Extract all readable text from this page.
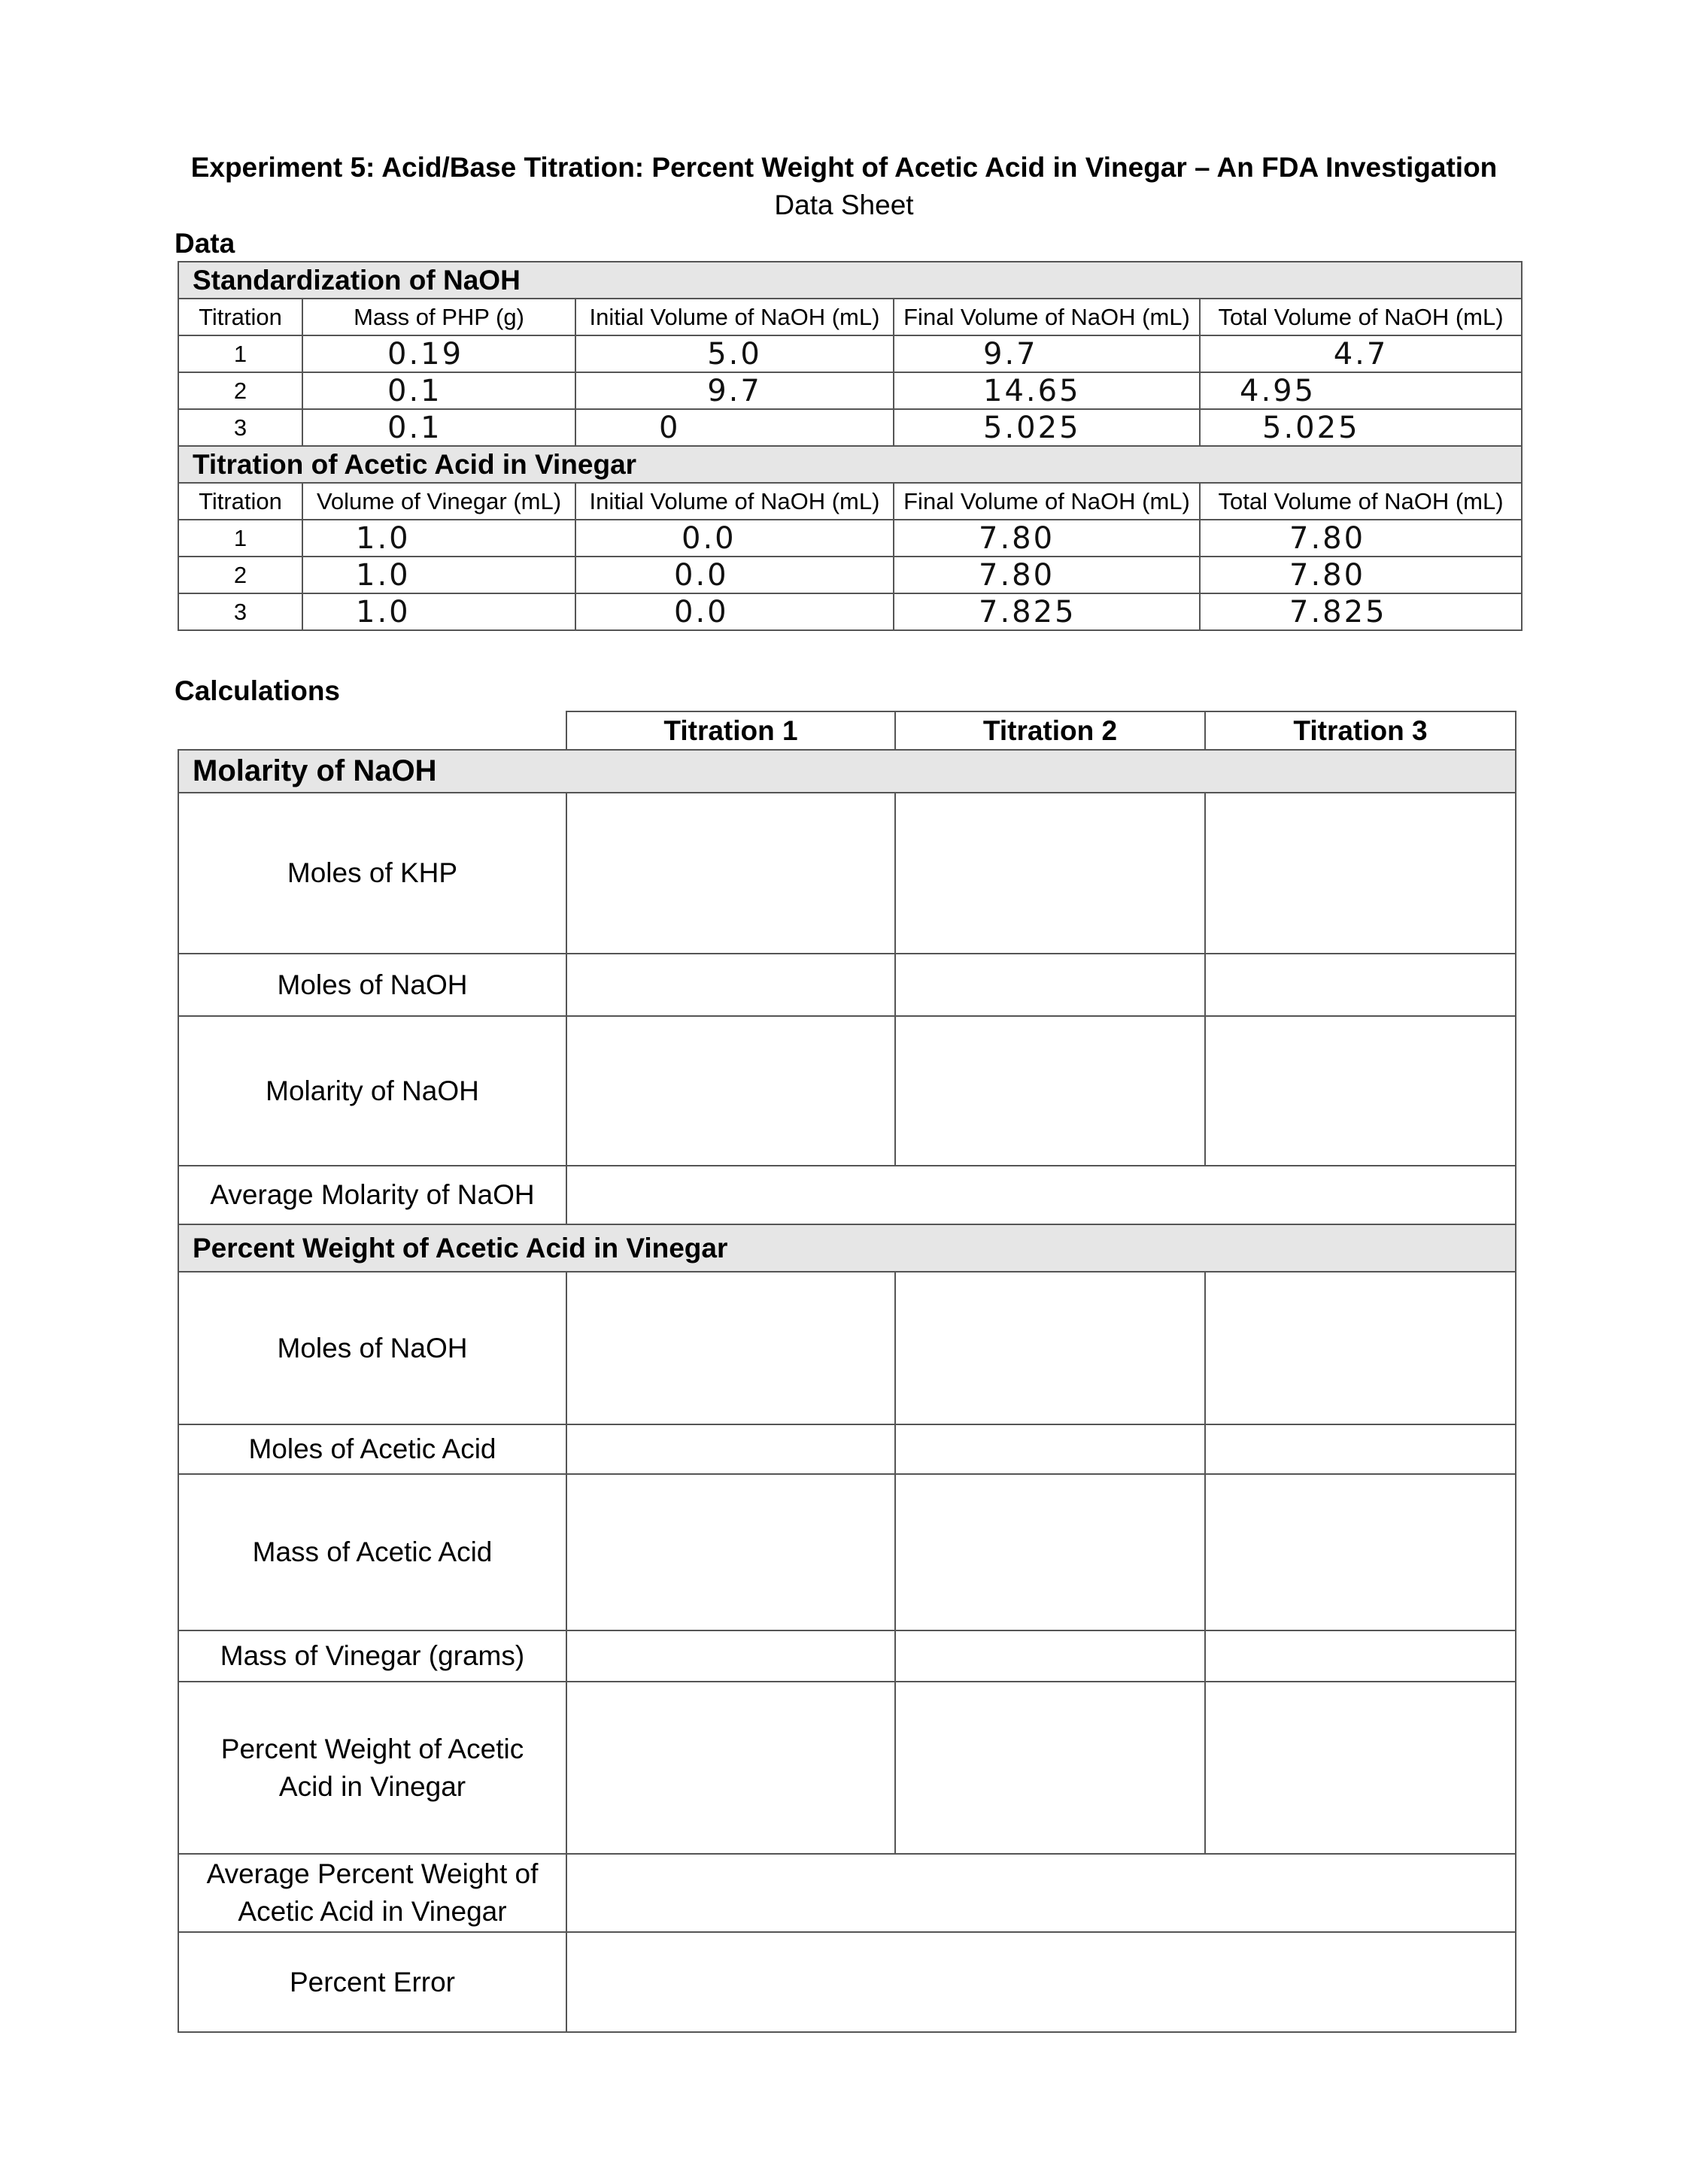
Experiment 5: Acid/Base Titration: Percent Weight of Acetic Acid in Vinegar – An FDA Investigation
Data Sheet
Data
Standardization of NaOH				
Titration	Mass of PHP (g)	Initial Volume of NaOH (mL)	Final Volume of NaOH (mL)	Total Volume of NaOH (mL)
1	0.19	5.0	9.7	4.7
2	0.1	9.7	14.65	4.95
3	0.1	0	5.025	5.025
Titration of Acetic Acid in Vinegar				
Titration	Volume of Vinegar (mL)	Initial Volume of NaOH (mL)	Final Volume of NaOH (mL)	Total Volume of NaOH (mL)
1	1.0	0.0	7.80	7.80
2	1.0	0.0	7.80	7.80
3	1.0	0.0	7.825	7.825
Calculations
	Titration 1	Titration 2	Titration 3
Molarity of NaOH			
Moles of KHP			
Moles of NaOH			
Molarity of NaOH			
Average Molarity of NaOH			
Percent Weight of Acetic Acid in Vinegar			
Moles of NaOH			
Moles of Acetic Acid			
Mass of Acetic Acid			
Mass of Vinegar (grams)			
Percent Weight of Acetic Acid in Vinegar			
Average Percent Weight of Acetic Acid in Vinegar			
Percent Error			
